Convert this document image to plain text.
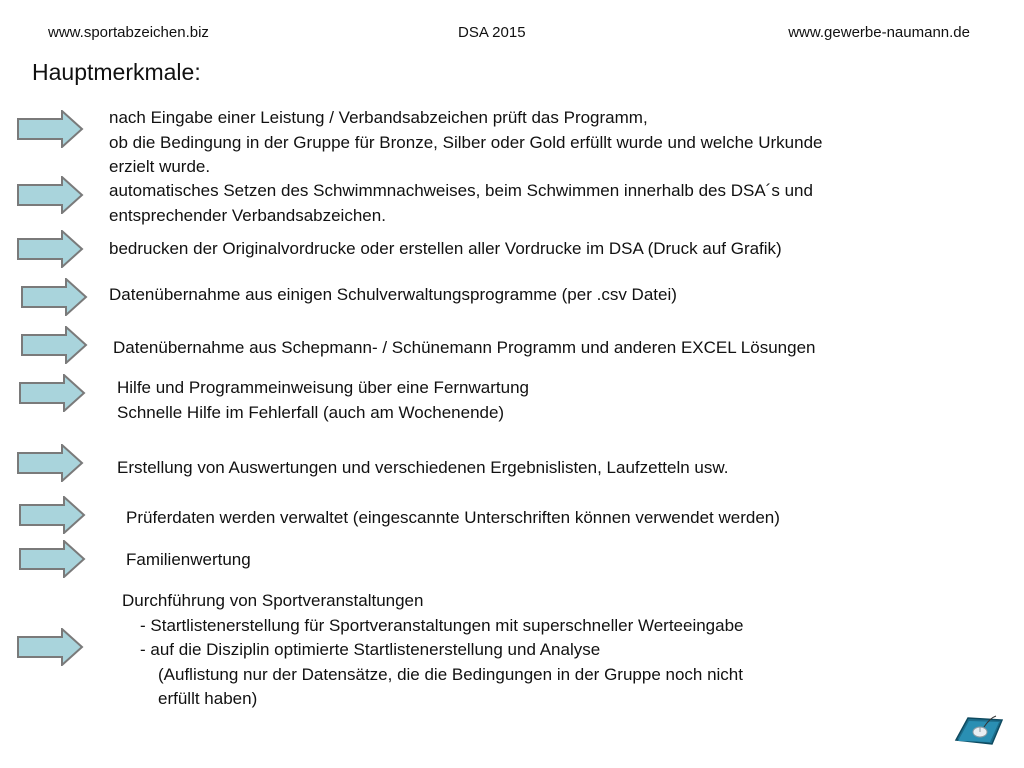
www.sportabzeichen.biz	DSA 2015	www.gewerbe-naumann.de
Hauptmerkmale:
nach Eingabe einer Leistung / Verbandsabzeichen prüft das Programm,
ob die Bedingung in der Gruppe für Bronze, Silber oder Gold erfüllt wurde und welche Urkunde
erzielt wurde.
automatisches Setzen des Schwimmnachweises, beim Schwimmen innerhalb des DSA´s und
entsprechender Verbandsabzeichen.
bedrucken der Originalvordrucke oder erstellen aller Vordrucke im DSA (Druck auf Grafik)
Datenübernahme aus einigen Schulverwaltungsprogramme (per .csv Datei)
Datenübernahme aus Schepmann- / Schünemann Programm und anderen EXCEL Lösungen
Hilfe und Programmeinweisung über eine Fernwartung
Schnelle Hilfe im Fehlerfall (auch am Wochenende)
Erstellung von Auswertungen und verschiedenen Ergebnislisten, Laufzetteln usw.
Prüferdaten werden verwaltet (eingescannte Unterschriften können verwendet werden)
Familienwertung
Durchführung von Sportveranstaltungen
- Startlistenerstellung für Sportveranstaltungen mit superschneller Werteeingabe
- auf die Disziplin optimierte Startlistenerstellung und Analyse
(Auflistung nur der Datensätze, die die Bedingungen in der Gruppe noch nicht
erfüllt haben)
